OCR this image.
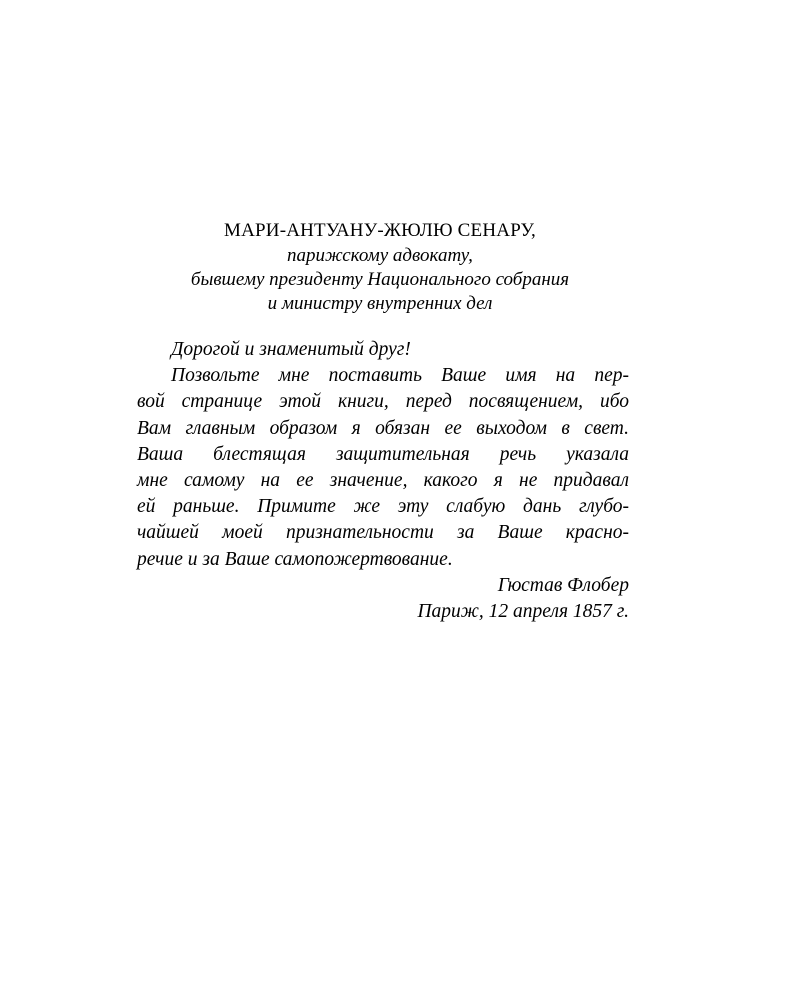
МАРИ-АНТУАНУ-ЖЮЛЮ СЕНАРУ,

парижскому адвокату,

бывшему президенту Национального собрания

и министру внутренних дел

Дорогой и знаменитый друг!

Позвольте мне поставить Ваше имя на пер-

вой странице этой книги, перед посвящением, ибо

Вам главным образом я обязан ее выходом в свет.

Ваша блестящая защитительная речь указала

мне самому на ее значение, какого я не придавал

ей раньше. Примите же эту слабую дань глубо-

чайшей моей признательности за Ваше красно-

речие и за Ваше самопожертвование.

Гюстав Флобер
Париж, 12 апреля 1857 г.
